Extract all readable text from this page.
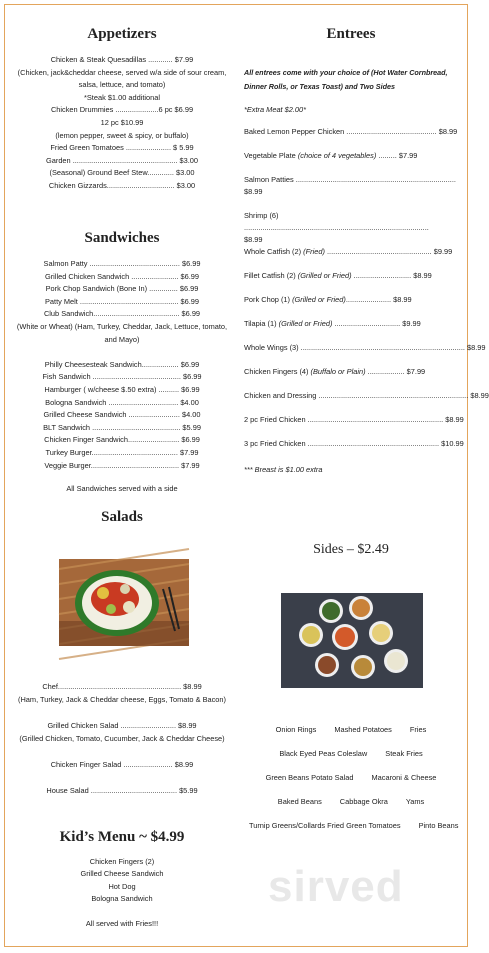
Appetizers
Chicken & Steak Quesadillas ............ $7.99
(Chicken, jack&cheddar cheese, served w/a side of sour cream,
salsa, lettuce, and tomato)
*Steak $1.00 additional
Chicken Drummies .....................6 pc $6.99
12 pc $10.99
(lemon pepper, sweet & spicy, or buffalo)
Fried Green Tomatoes ...................... $ 5.99
Garden ................................................... $3.00
(Seasonal) Ground Beef Stew............. $3.00
Chicken Gizzards................................. $3.00
Sandwiches
Salmon Patty ............................................ $6.99
Grilled Chicken Sandwich ....................... $6.99
Pork Chop Sandwich (Bone In) .............. $6.99
Patty Melt ................................................ $6.99
Club Sandwich.......................................... $6.99
(White or Wheat) (Ham, Turkey, Cheddar, Jack, Lettuce, tomato,
and Mayo)
Philly Cheesesteak Sandwich.................. $6.99
Fish Sandwich ........................................... $6.99
Hamburger ( w/cheese $.50 extra) .......... $6.99
Bologna Sandwich .................................. $4.00
Grilled Cheese Sandwich ......................... $4.00
BLT Sandwich ........................................... $5.99
Chicken Finger Sandwich......................... $6.99
Turkey Burger.......................................... $7.99
Veggie Burger........................................... $7.99
All Sandwiches served with a side
Salads
Chef............................................................ $8.99
(Ham, Turkey, Jack & Cheddar cheese, Eggs, Tomato & Bacon)
Grilled Chicken Salad ........................... $8.99
(Grilled Chicken, Tomato, Cucumber, Jack & Cheddar Cheese)
Chicken Finger Salad ........................ $8.99
House Salad .......................................... $5.99
Kid’s Menu ~ $4.99
Chicken Fingers (2)
Grilled Cheese Sandwich
Hot Dog
Bologna Sandwich
All served with Fries!!!
Entrees
All entrees come with your choice of (Hot Water Cornbread, Dinner Rolls, or Texas Toast) and Two Sides
*Extra Meat $2.00*
Baked Lemon Pepper Chicken ............................................ $8.99
Vegetable Plate (choice of 4 vegetables) ......... $7.99
Salmon Patties ..............................................................................
$8.99
Shrimp (6) ..........................................................................................
$8.99
Whole Catfish (2) (Fried) ................................................... $9.99
Fillet Catfish (2) (Grilled or Fried) ............................ $8.99
Pork Chop (1) (Grilled or Fried)...................... $8.99
Tilapia (1) (Grilled or Fried) ................................ $9.99
Whole Wings (3) ................................................................................ $8.99
Chicken Fingers (4) (Buffalo or Plain) .................. $7.99
Chicken and Dressing ......................................................................... $8.99
2 pc Fried Chicken .................................................................. $8.99
3 pc Fried Chicken ................................................................ $10.99
*** Breast is $1.00 extra
Sides – $2.49
Onion Rings Mashed Potatoes Fries
Black Eyed Peas Coleslaw Steak Fries
Green Beans Potato Salad Macaroni & Cheese
Baked Beans Cabbage Okra Yams
Turnip Greens/Collards Fried Green Tomatoes Pinto Beans
sirved
